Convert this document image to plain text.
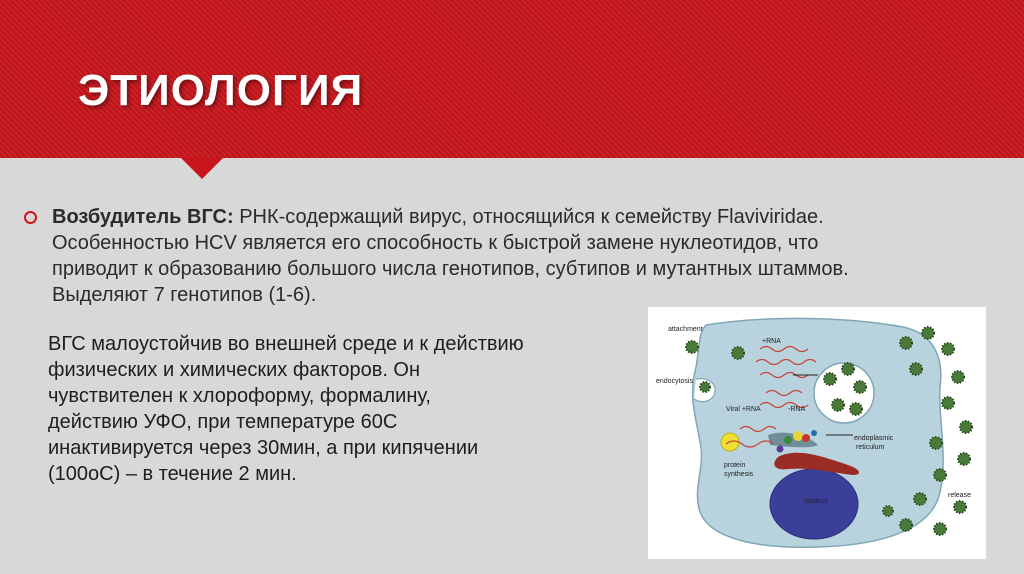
ЭТИОЛОГИЯ
Возбудитель ВГС: РНК-содержащий вирус, относящийся к семейству Flaviviridae.
Особенностью HCV является его способность к быстрой замене нуклеотидов, что
приводит к образованию большого числа генотипов, субтипов и мутантных штаммов.
Выделяют 7 генотипов (1-6).
ВГС малоустойчив во внешней среде и к действию
физических и химических факторов. Он
чувствителен к хлороформу, формалину,
действию УФО, при температуре 60С
инактивируется через 30мин, а при кипячении
(100оС) – в течение 2 мин.
attachment
endocytosis
+RNA
Viral +RNA	-RNA
endoplasmic
reticulum
protein
synthesis
nucleus
release
